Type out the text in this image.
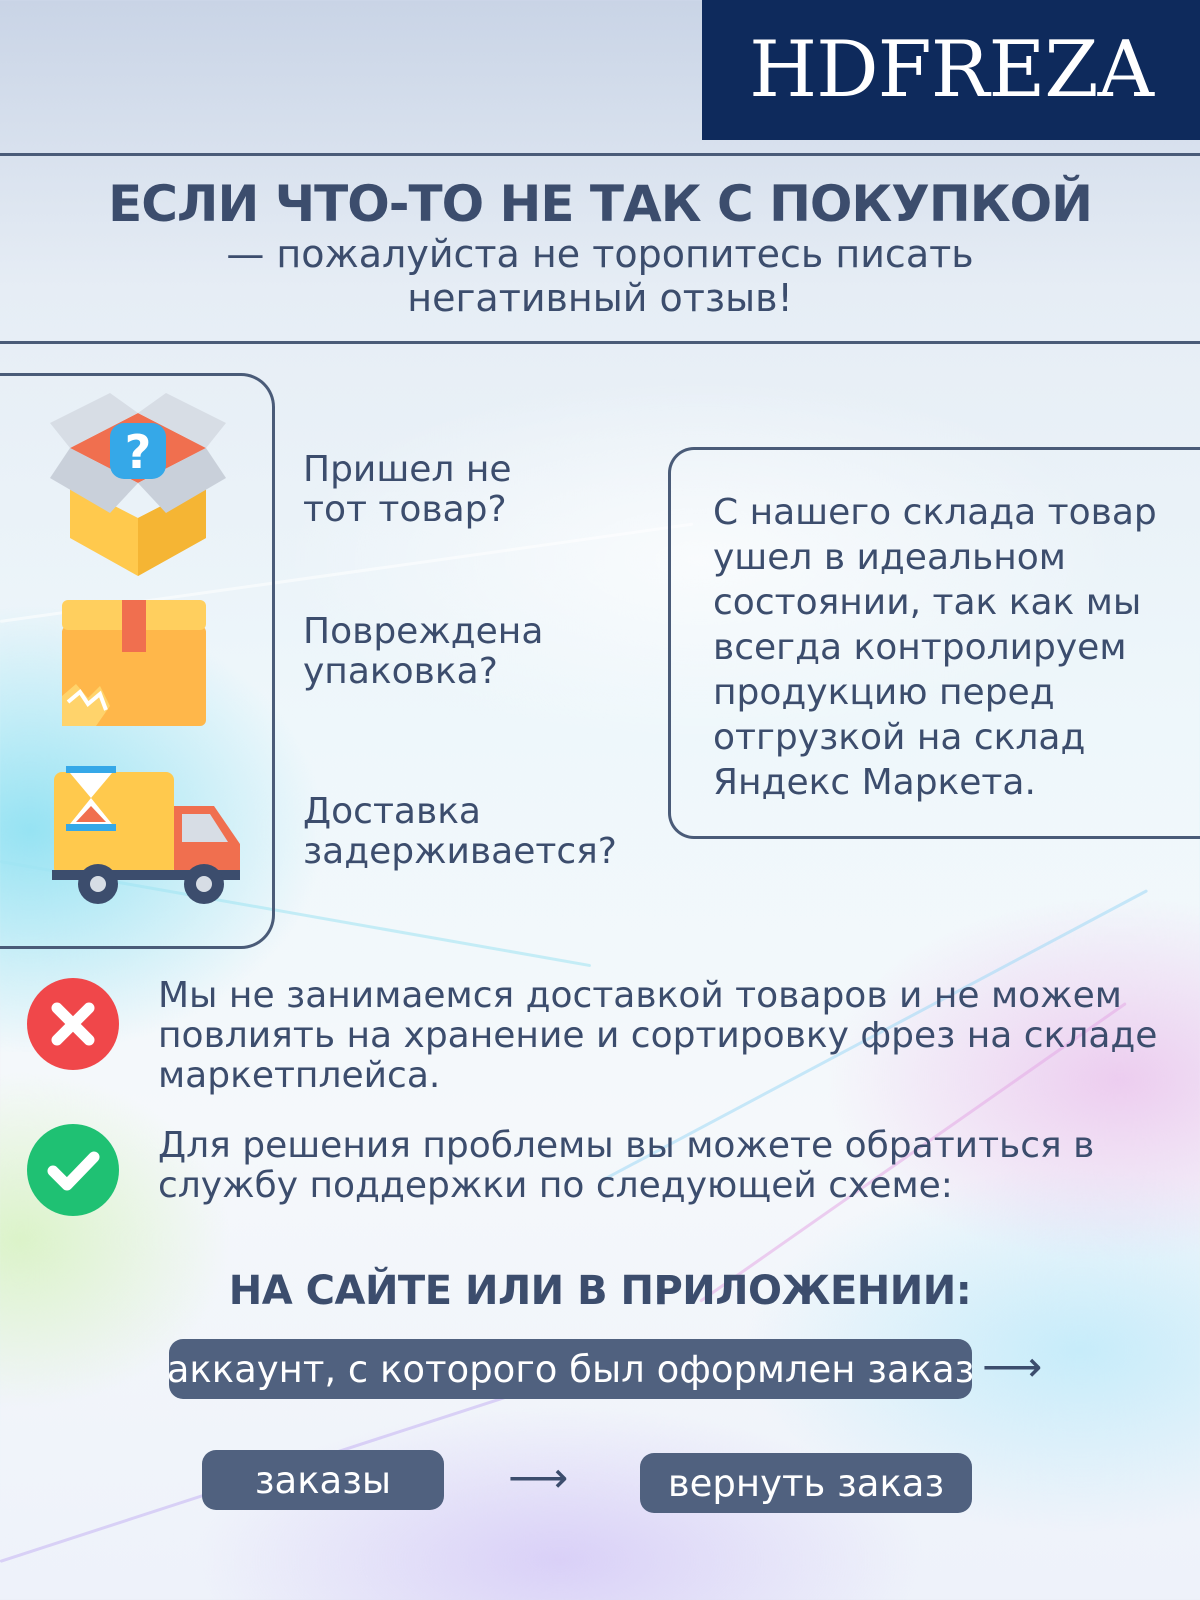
HDFREZA
ЕСЛИ ЧТО-ТО НЕ ТАК С ПОКУПКОЙ
— пожалуйста не торопитесь писать
негативный отзыв!
?	Пришел не
тот товар?
Повреждена
упаковка?
Доставка
задерживается?
С нашего склада товар
ушел в идеальном
состоянии, так как мы
всегда контролируем
продукцию перед
отгрузкой на склад
Яндекс Маркета.
Мы не занимаемся доставкой товаров и не можем
повлиять на хранение и сортировку фрез на складе
маркетплейса.
Для решения проблемы вы можете обратиться в
службу поддержки по следующей схеме:
НА САЙТЕ ИЛИ В ПРИЛОЖЕНИИ:
аккаунт, с которого был оформлен заказ ⟶
заказы	⟶	вернуть заказ
